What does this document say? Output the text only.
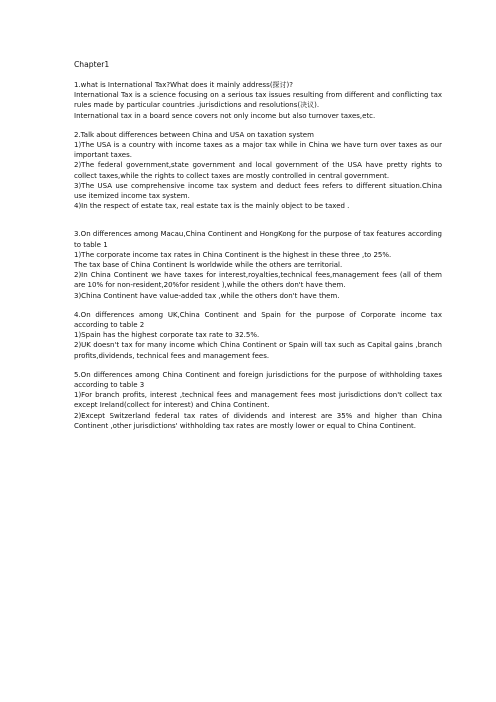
Chapter1

1.what is International Tax?What does it mainly address(探讨)?

International Tax is a science focusing on a serious tax issues resulting from different and conflicting tax rules made by particular countries .jurisdictions and resolutions(决议).

International tax in a board sence covers not only income but also turnover taxes,etc.

2.Talk about differences between China and USA on taxation system

1)The USA is a country with income taxes as a major tax while in China we have turn over taxes as our important taxes.

2)The federal government,state government and local government of the USA have pretty rights to collect taxes,while the rights to collect taxes are mostly controlled in central government.

3)The USA use comprehensive income tax system and deduct fees refers to different situation.China use itemized income tax system.

4)In the respect of estate tax, real estate tax is the mainly object to be taxed .

3.On differences among Macau,China Continent and HongKong for the purpose of tax features according to table 1

1)The corporate income tax rates in China Continent is the highest in these three ,to 25%.

The tax base of China Continent ls worldwide while the others are territorial.

2)In China Continent we have taxes for interest,royalties,technical fees,management fees (all of them are 10% for non-resident,20%for resident ),while the others don't have them.

3)China Continent have value-added tax ,while the others don't have them.

4.On differences among UK,China Continent and Spain for the purpose of Corporate income tax according to table 2

1)Spain has the highest corporate tax rate to 32.5%.

2)UK doesn't tax for many income which China Continent or Spain will tax such as Capital gains ,branch profits,dividends, technical fees and management fees.

5.On differences among China Continent and foreign jurisdictions for the purpose of withholding taxes according to table 3

1)For branch profits, interest ,technical fees and management fees most jurisdictions don't collect tax except Ireland(collect for interest) and China Continent.

2)Except Switzerland federal tax rates of dividends and interest are 35% and higher than China Continent ,other jurisdictions' withholding tax rates are mostly lower or equal to China Continent.
